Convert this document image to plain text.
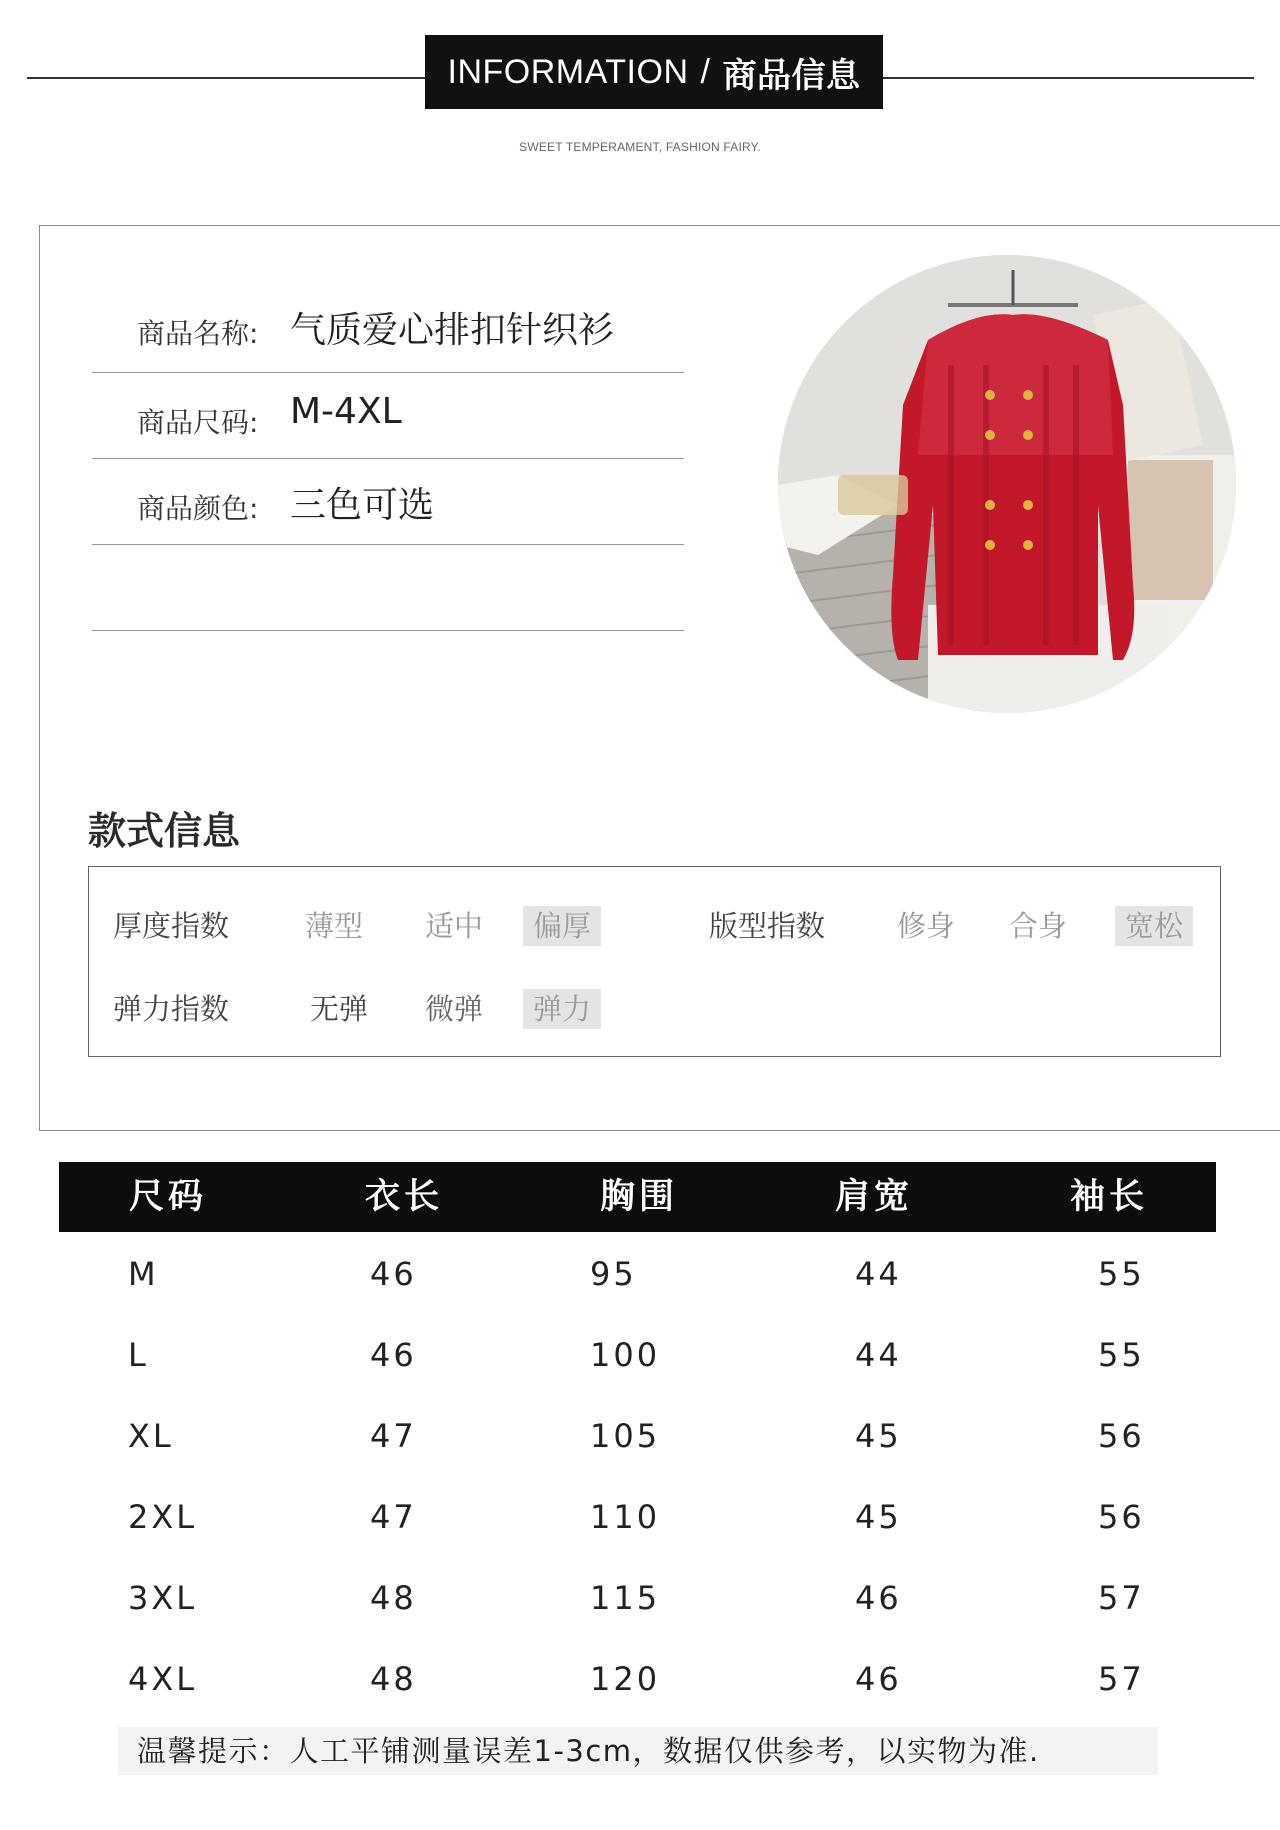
INFORMATION / 商品信息
SWEET TEMPERAMENT, FASHION FAIRY.
商品名称: 气质爱心排扣针织衫
商品尺码: M-4XL
商品颜色: 三色可选
款式信息
厚度指数	薄型 适中	偏厚	版型指数 修身 合身	宽松
弹力指数	无弹 微弹	弹力
尺码	衣长	胸围	肩宽	袖长
M	46	95	44	55
L	46	100	44	55
XL	47	105	45	56
2XL	47	110	45	56
3XL	48	115	46	57
4XL	48	120	46	57
温馨提示：人工平铺测量误差1-3cm，数据仅供参考，以实物为准.
